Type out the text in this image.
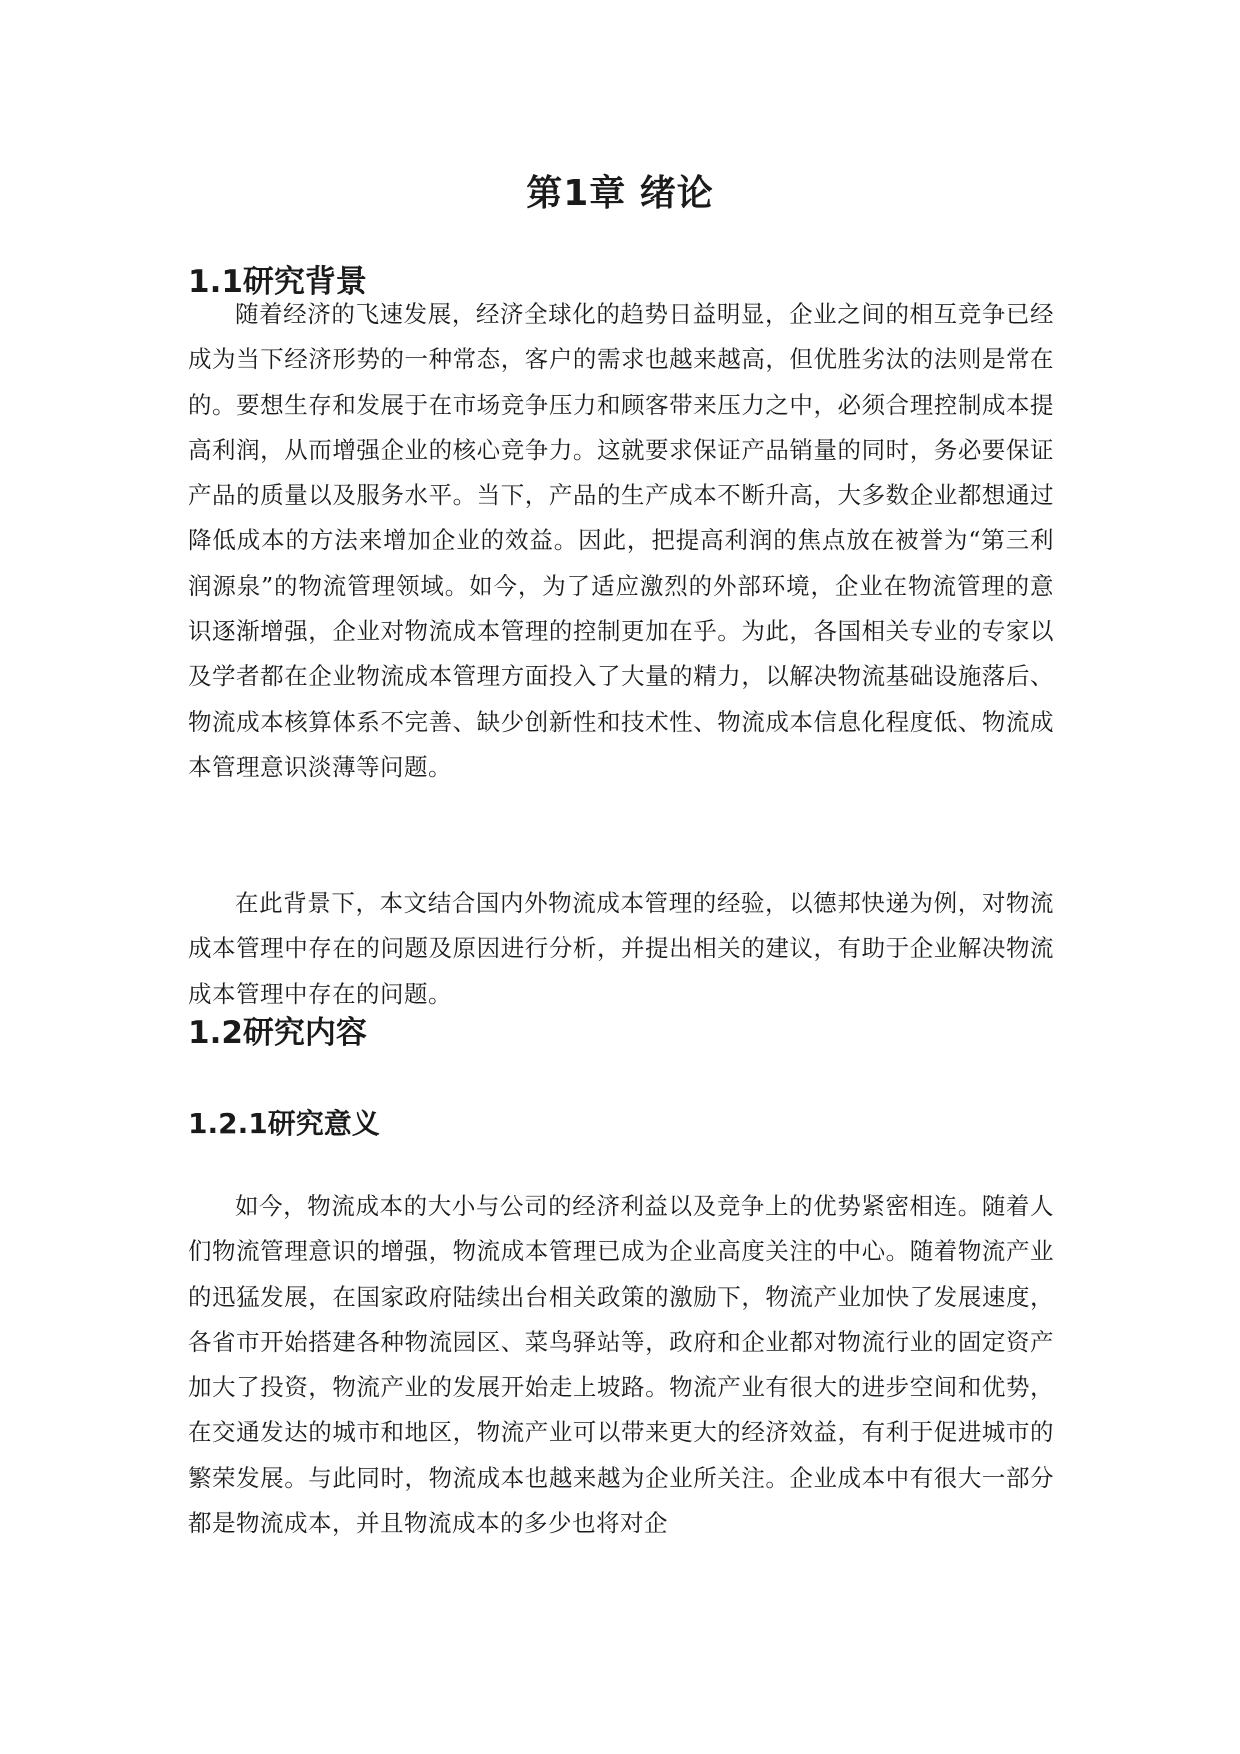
第1章 绪论
1.1研究背景

随着经济的飞速发展，经济全球化的趋势日益明显，企业之间的相互竞争已经成为当下经济形势的一种常态，客户的需求也越来越高，但优胜劣汰的法则是常在的。要想生存和发展于在市场竞争压力和顾客带来压力之中，必须合理控制成本提高利润，从而增强企业的核心竞争力。这就要求保证产品销量的同时，务必要保证产品的质量以及服务水平。当下，产品的生产成本不断升高，大多数企业都想通过降低成本的方法来增加企业的效益。因此，把提高利润的焦点放在被誉为“第三利润源泉”的物流管理领域。如今，为了适应激烈的外部环境，企业在物流管理的意识逐渐增强，企业对物流成本管理的控制更加在乎。为此，各国相关专业的专家以及学者都在企业物流成本管理方面投入了大量的精力，以解决物流基础设施落后、物流成本核算体系不完善、缺少创新性和技术性、物流成本信息化程度低、物流成本管理意识淡薄等问题。

在此背景下，本文结合国内外物流成本管理的经验，以德邦快递为例，对物流成本管理中存在的问题及原因进行分析，并提出相关的建议，有助于企业解决物流成本管理中存在的问题。

1.2研究内容
1.2.1研究意义

如今，物流成本的大小与公司的经济利益以及竞争上的优势紧密相连。随着人们物流管理意识的增强，物流成本管理已成为企业高度关注的中心。随着物流产业的迅猛发展，在国家政府陆续出台相关政策的激励下，物流产业加快了发展速度，各省市开始搭建各种物流园区、菜鸟驿站等，政府和企业都对物流行业的固定资产加大了投资，物流产业的发展开始走上坡路。物流产业有很大的进步空间和优势，在交通发达的城市和地区，物流产业可以带来更大的经济效益，有利于促进城市的繁荣发展。与此同时，物流成本也越来越为企业所关注。企业成本中有很大一部分都是物流成本，并且物流成本的多少也将对企
